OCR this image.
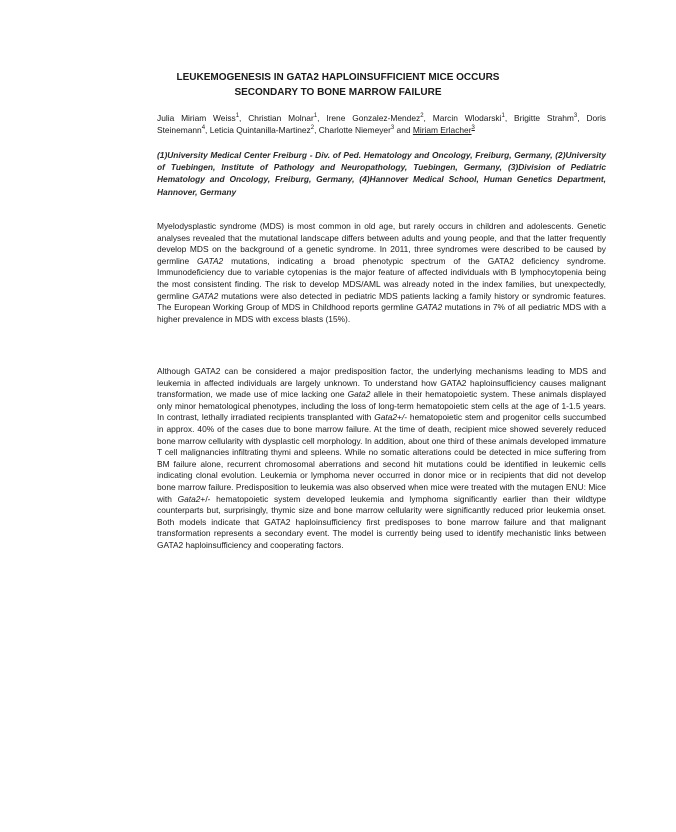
LEUKEMOGENESIS IN GATA2 HAPLOINSUFFICIENT MICE OCCURS SECONDARY TO BONE MARROW FAILURE
Julia Miriam Weiss$^1$, Christian Molnar$^1$, Irene Gonzalez-Mendez$^2$, Marcin Wlodarski$^1$, Brigitte Strahm$^3$, Doris Steinemann$^4$, Leticia Quintanilla-Martinez$^2$, Charlotte Niemeyer$^3$ and Miriam Erlacher$^3$
(1)University Medical Center Freiburg - Div. of Ped. Hematology and Oncology, Freiburg, Germany, (2)University of Tuebingen, Institute of Pathology and Neuropathology, Tuebingen, Germany, (3)Division of Pediatric Hematology and Oncology, Freiburg, Germany, (4)Hannover Medical School, Human Genetics Department, Hannover, Germany
Myelodysplastic syndrome (MDS) is most common in old age, but rarely occurs in children and adolescents. Genetic analyses revealed that the mutational landscape differs between adults and young people, and that the latter frequently develop MDS on the background of a genetic syndrome. In 2011, three syndromes were described to be caused by germline GATA2 mutations, indicating a broad phenotypic spectrum of the GATA2 deficiency syndrome. Immunodeficiency due to variable cytopenias is the major feature of affected individuals with B lymphocytopenia being the most consistent finding. The risk to develop MDS/AML was already noted in the index families, but unexpectedly, germline GATA2 mutations were also detected in pediatric MDS patients lacking a family history or syndromic features. The European Working Group of MDS in Childhood reports germline GATA2 mutations in 7% of all pediatric MDS with a higher prevalence in MDS with excess blasts (15%).
Although GATA2 can be considered a major predisposition factor, the underlying mechanisms leading to MDS and leukemia in affected individuals are largely unknown. To understand how GATA2 haploinsufficiency causes malignant transformation, we made use of mice lacking one Gata2 allele in their hematopoietic system. These animals displayed only minor hematological phenotypes, including the loss of long-term hematopoietic stem cells at the age of 1-1.5 years. In contrast, lethally irradiated recipients transplanted with Gata2+/- hematopoietic stem and progenitor cells succumbed in approx. 40% of the cases due to bone marrow failure. At the time of death, recipient mice showed severely reduced bone marrow cellularity with dysplastic cell morphology. In addition, about one third of these animals developed immature T cell malignancies infiltrating thymi and spleens. While no somatic alterations could be detected in mice suffering from BM failure alone, recurrent chromosomal aberrations and second hit mutations could be identified in leukemic cells indicating clonal evolution. Leukemia or lymphoma never occurred in donor mice or in recipients that did not develop bone marrow failure. Predisposition to leukemia was also observed when mice were treated with the mutagen ENU: Mice with Gata2+/- hematopoietic system developed leukemia and lymphoma significantly earlier than their wildtype counterparts but, surprisingly, thymic size and bone marrow cellularity were significantly reduced prior leukemia onset. Both models indicate that GATA2 haploinsufficiency first predisposes to bone marrow failure and that malignant transformation represents a secondary event. The model is currently being used to identify mechanistic links between GATA2 haploinsufficiency and cooperating factors.
